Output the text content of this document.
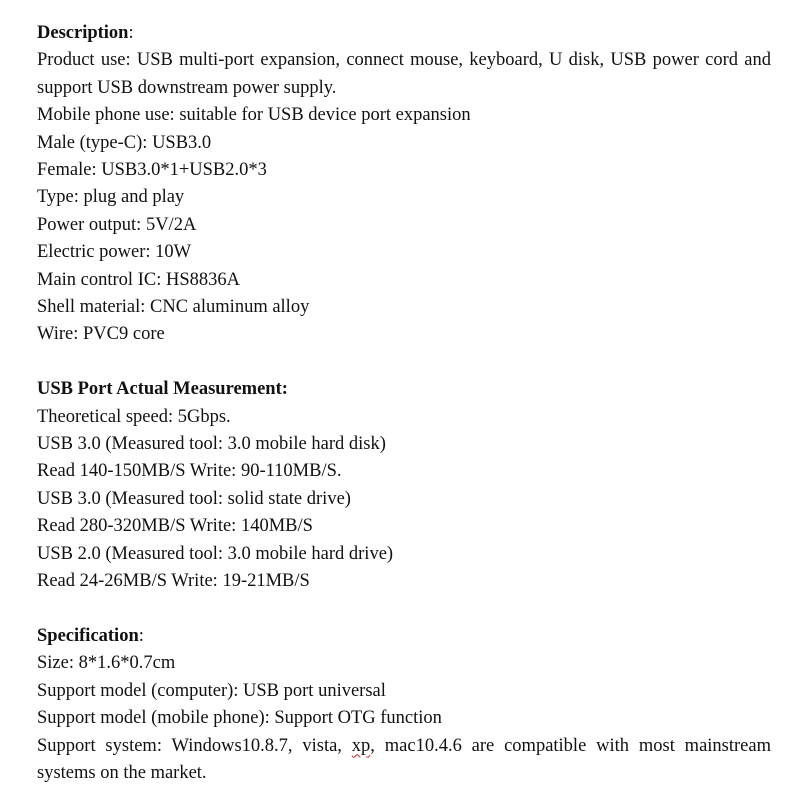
Description:

Product use: USB multi-port expansion, connect mouse, keyboard, U disk, USB power cord and support USB downstream power supply.

Mobile phone use: suitable for USB device port expansion

Male (type-C): USB3.0

Female: USB3.0*1+USB2.0*3

Type: plug and play

Power output: 5V/2A

Electric power: 10W

Main control IC: HS8836A

Shell material: CNC aluminum alloy

Wire: PVC9 core

USB Port Actual Measurement:

Theoretical speed: 5Gbps.

USB 3.0 (Measured tool: 3.0 mobile hard disk)

Read 140-150MB/S Write: 90-110MB/S.

USB 3.0 (Measured tool: solid state drive)

Read 280-320MB/S Write: 140MB/S

USB 2.0 (Measured tool: 3.0 mobile hard drive)

Read 24-26MB/S Write: 19-21MB/S

Specification:

Size: 8*1.6*0.7cm

Support model (computer): USB port universal

Support model (mobile phone): Support OTG function

Support system: Windows10.8.7, vista, xp, mac10.4.6 are compatible with most mainstream systems on the market.
